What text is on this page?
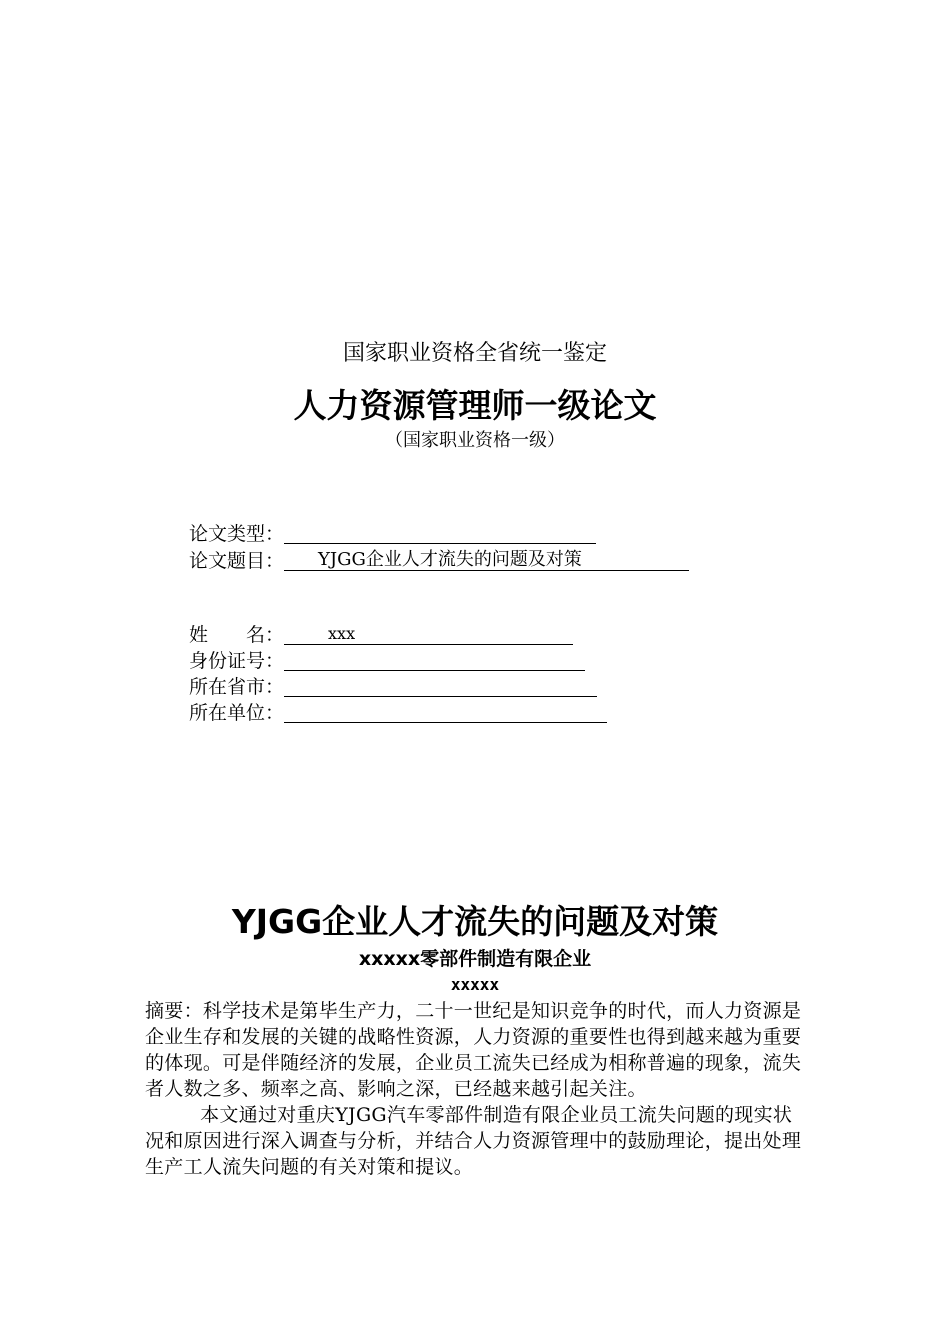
国家职业资格全省统一鉴定
人力资源管理师一级论文
（国家职业资格一级）
论文类型：
论文题目： YJGG企业人才流失的问题及对策
姓　　名：	xxx
身份证号：
所在省市：
所在单位：
YJGG企业人才流失的问题及对策
xxxxx零部件制造有限企业
xxxxx

摘要：科学技术是第毕生产力，二十一世纪是知识竞争的时代，而人力资源是企业生存和发展的关键的战略性资源，人力资源的重要性也得到越来越为重要的体现。可是伴随经济的发展，企业员工流失已经成为相称普遍的现象，流失者人数之多、频率之高、影响之深，已经越来越引起关注。

本文通过对重庆YJGG汽车零部件制造有限企业员工流失问题的现实状况和原因进行深入调查与分析，并结合人力资源管理中的鼓励理论，提出处理生产工人流失问题的有关对策和提议。
